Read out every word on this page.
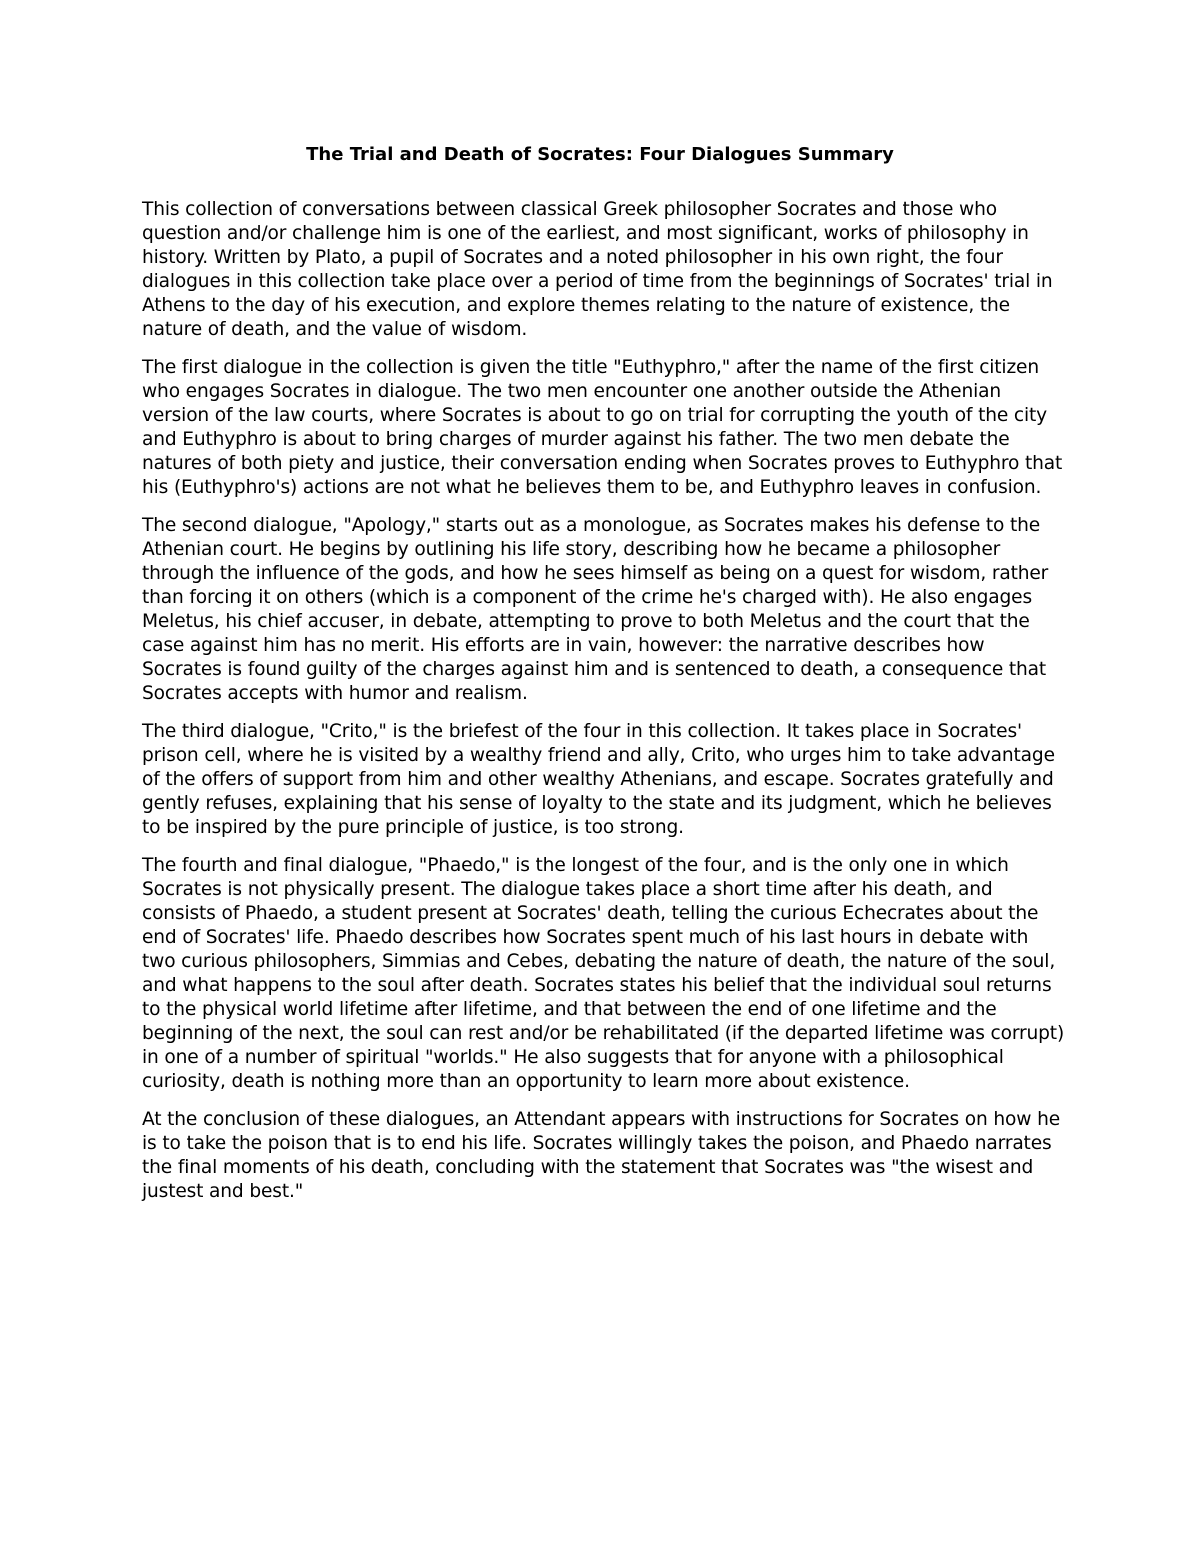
The Trial and Death of Socrates: Four Dialogues Summary

This collection of conversations between classical Greek philosopher Socrates and those who question and/or challenge him is one of the earliest, and most significant, works of philosophy in history. Written by Plato, a pupil of Socrates and a noted philosopher in his own right, the four dialogues in this collection take place over a period of time from the beginnings of Socrates' trial in Athens to the day of his execution, and explore themes relating to the nature of existence, the nature of death, and the value of wisdom.

The first dialogue in the collection is given the title "Euthyphro," after the name of the first citizen who engages Socrates in dialogue. The two men encounter one another outside the Athenian version of the law courts, where Socrates is about to go on trial for corrupting the youth of the city and Euthyphro is about to bring charges of murder against his father. The two men debate the natures of both piety and justice, their conversation ending when Socrates proves to Euthyphro that his (Euthyphro's) actions are not what he believes them to be, and Euthyphro leaves in confusion.

The second dialogue, "Apology," starts out as a monologue, as Socrates makes his defense to the Athenian court. He begins by outlining his life story, describing how he became a philosopher through the influence of the gods, and how he sees himself as being on a quest for wisdom, rather than forcing it on others (which is a component of the crime he's charged with). He also engages Meletus, his chief accuser, in debate, attempting to prove to both Meletus and the court that the case against him has no merit. His efforts are in vain, however: the narrative describes how Socrates is found guilty of the charges against him and is sentenced to death, a consequence that Socrates accepts with humor and realism.

The third dialogue, "Crito," is the briefest of the four in this collection. It takes place in Socrates' prison cell, where he is visited by a wealthy friend and ally, Crito, who urges him to take advantage of the offers of support from him and other wealthy Athenians, and escape. Socrates gratefully and gently refuses, explaining that his sense of loyalty to the state and its judgment, which he believes to be inspired by the pure principle of justice, is too strong.

The fourth and final dialogue, "Phaedo," is the longest of the four, and is the only one in which Socrates is not physically present. The dialogue takes place a short time after his death, and consists of Phaedo, a student present at Socrates' death, telling the curious Echecrates about the end of Socrates' life. Phaedo describes how Socrates spent much of his last hours in debate with two curious philosophers, Simmias and Cebes, debating the nature of death, the nature of the soul, and what happens to the soul after death. Socrates states his belief that the individual soul returns to the physical world lifetime after lifetime, and that between the end of one lifetime and the beginning of the next, the soul can rest and/or be rehabilitated (if the departed lifetime was corrupt) in one of a number of spiritual "worlds." He also suggests that for anyone with a philosophical curiosity, death is nothing more than an opportunity to learn more about existence.

At the conclusion of these dialogues, an Attendant appears with instructions for Socrates on how he is to take the poison that is to end his life. Socrates willingly takes the poison, and Phaedo narrates the final moments of his death, concluding with the statement that Socrates was "the wisest and justest and best."
